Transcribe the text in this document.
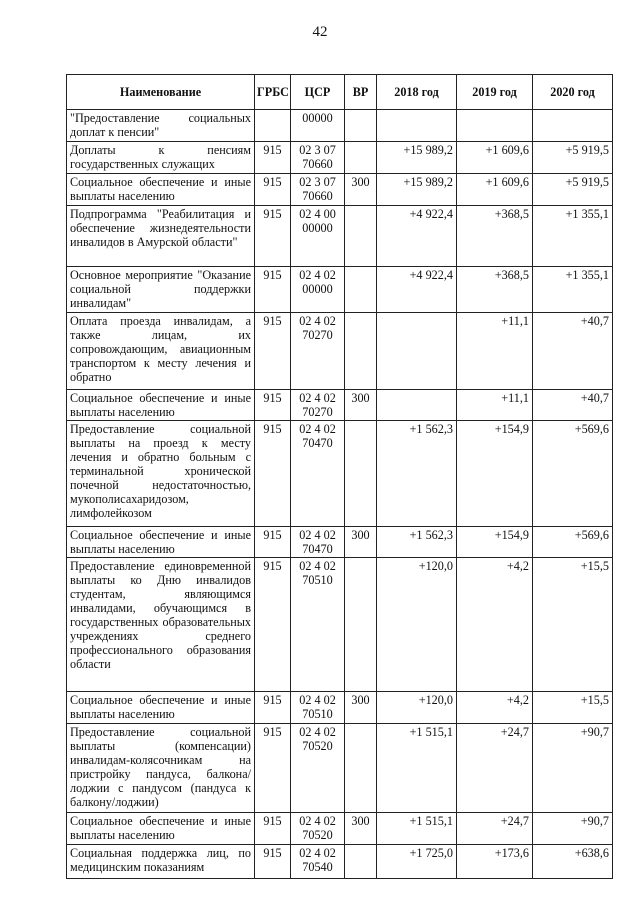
42
Наименование	ГРБС	ЦСР	ВР	2018 год	2019 год	2020 год
"Предоставление социальных доплат к пенсии"		00000				
Доплаты к пенсиям государственных служащих	915	02 3 07 70660		+15 989,2	+1 609,6	+5 919,5
Социальное обеспечение и иные выплаты населению	915	02 3 07 70660	300	+15 989,2	+1 609,6	+5 919,5
Подпрограмма "Реабилитация и обеспечение жизнедеятельности инвалидов в Амурской области"	915	02 4 00 00000		+4 922,4	+368,5	+1 355,1
Основное мероприятие "Оказание социальной поддержки инвалидам"	915	02 4 02 00000		+4 922,4	+368,5	+1 355,1
Оплата проезда инвалидам, а также лицам, их сопровождающим, авиационным транспортом к месту лечения и обратно	915	02 4 02 70270			+11,1	+40,7
Социальное обеспечение и иные выплаты населению	915	02 4 02 70270	300		+11,1	+40,7
Предоставление социальной выплаты на проезд к месту лечения и обратно больным с терминальной хронической почечной недостаточностью, мукополисахаридозом, лимфолейкозом	915	02 4 02 70470		+1 562,3	+154,9	+569,6
Социальное обеспечение и иные выплаты населению	915	02 4 02 70470	300	+1 562,3	+154,9	+569,6
Предоставление единовременной выплаты ко Дню инвалидов студентам, являющимся инвалидами, обучающимся в государственных образовательных учреждениях среднего профессионального образования области	915	02 4 02 70510		+120,0	+4,2	+15,5
Социальное обеспечение и иные выплаты населению	915	02 4 02 70510	300	+120,0	+4,2	+15,5
Предоставление социальной выплаты (компенсации) инвалидам-колясочникам на пристройку пандуса, балкона/лоджии с пандусом (пандуса к балкону/лоджии)	915	02 4 02 70520		+1 515,1	+24,7	+90,7
Социальное обеспечение и иные выплаты населению	915	02 4 02 70520	300	+1 515,1	+24,7	+90,7
Социальная поддержка лиц, по медицинским показаниям	915	02 4 02 70540		+1 725,0	+173,6	+638,6
